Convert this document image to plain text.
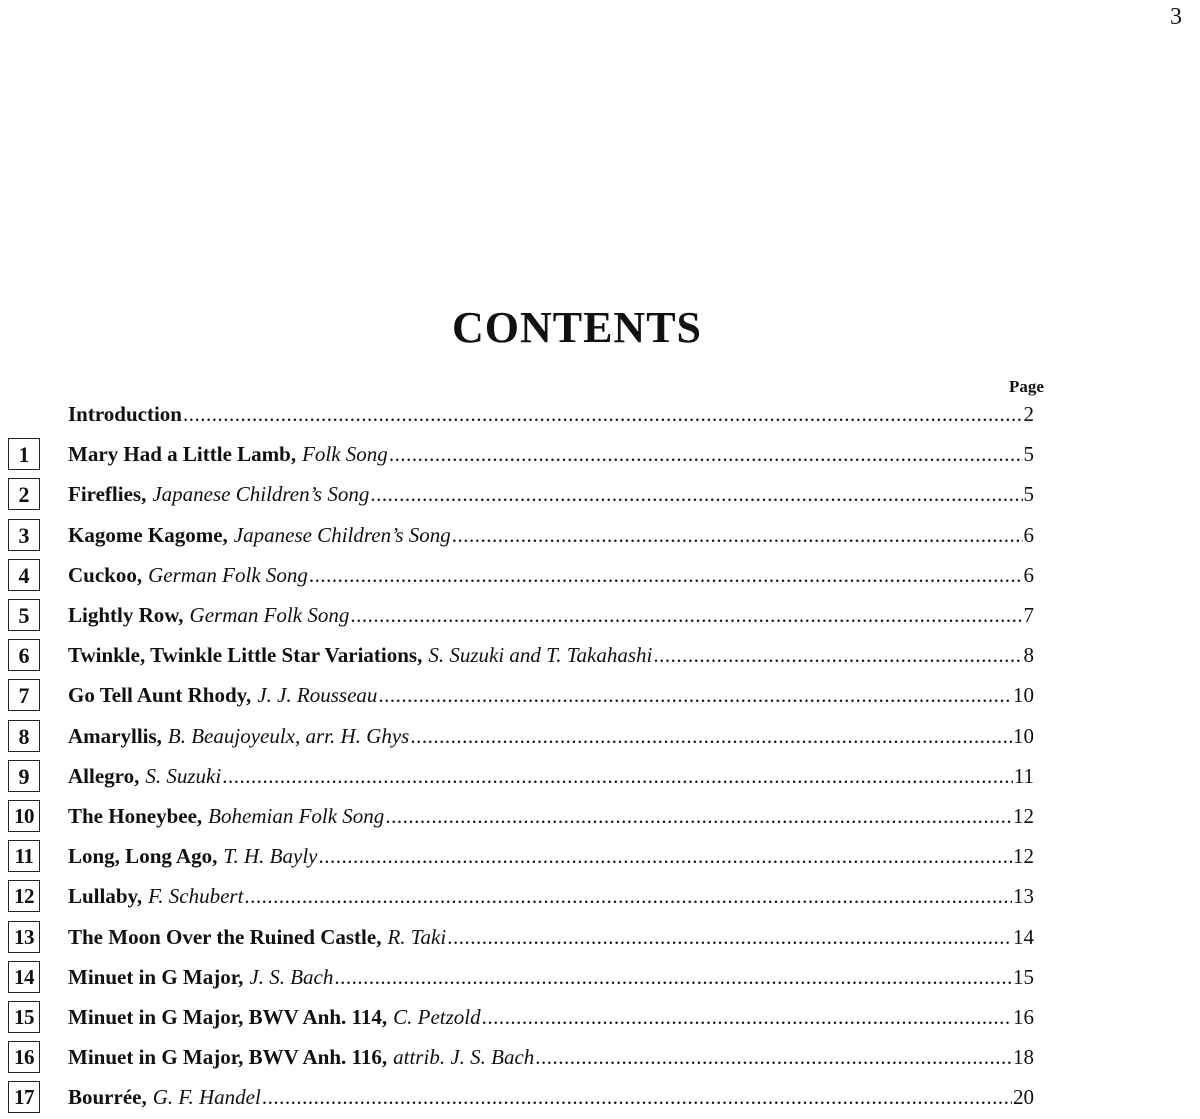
3
CONTENTS
Page
Introduction .....	2
1	Mary Had a Little Lamb, Folk Song .....	5
2	Fireflies, Japanese Children’s Song .....	5
3	Kagome Kagome, Japanese Children’s Song .....	6
4	Cuckoo, German Folk Song .....	6
5	Lightly Row, German Folk Song .....	7
6	Twinkle, Twinkle Little Star Variations, S. Suzuki and T. Takahashi .....	8
7	Go Tell Aunt Rhody, J. J. Rousseau .....	10
8	Amaryllis, B. Beaujoyeulx, arr. H. Ghys .....	10
9	Allegro, S. Suzuki .....	11
10 The Honeybee, Bohemian Folk Song .....	12
11	Long, Long Ago, T. H. Bayly .....	12
12 Lullaby, F. Schubert .....	13
13 The Moon Over the Ruined Castle, R. Taki .....	14
14 Minuet in G Major, J. S. Bach .....	15
15 Minuet in G Major, BWV Anh. 114, C. Petzold .....	16
16 Minuet in G Major, BWV Anh. 116, attrib. J. S. Bach .....	18
17 Bourrée, G. F. Handel .....	20
